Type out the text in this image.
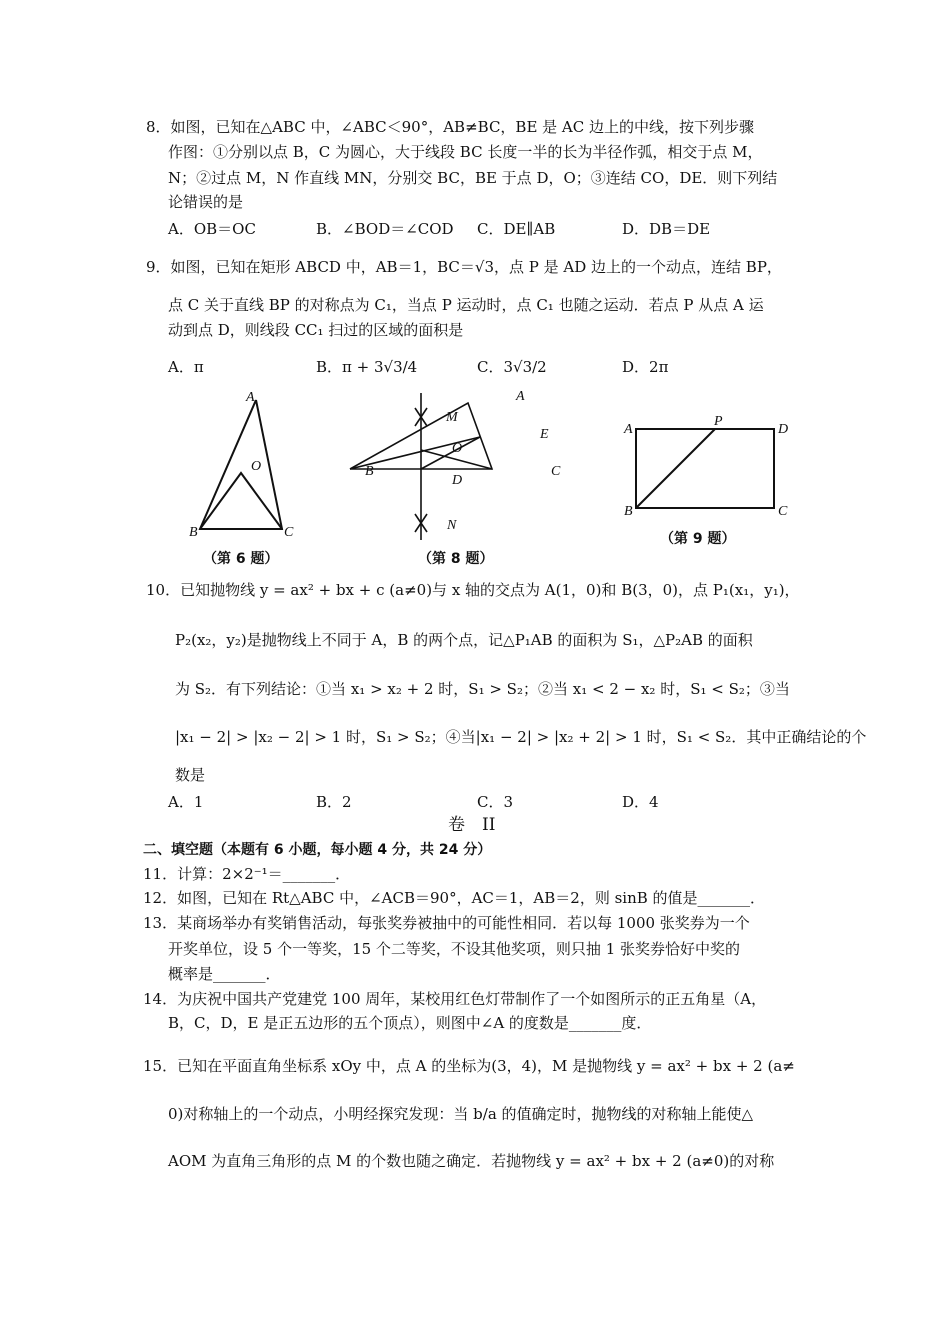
8．如图，已知在△ABC 中，∠ABC＜90°，AB≠BC，BE 是 AC 边上的中线，按下列步骤
作图：①分别以点 B，C 为圆心，大于线段 BC 长度一半的长为半径作弧，相交于点 M，
N；②过点 M，N 作直线 MN，分别交 BC，BE 于点 D，O；③连结 CO，DE．则下列结
论错误的是
A．OB＝OC	B．∠BOD＝∠COD C．DE∥AB	D．DB＝DE
9．如图，已知在矩形 ABCD 中，AB＝1，BC＝√3，点 P 是 AD 边上的一个动点，连结 BP，
点 C 关于直线 BP 的对称点为 C₁，当点 P 运动时，点 C₁ 也随之运动．若点 P 从点 A 运
动到点 D，则线段 CC₁ 扫过的区域的面积是
A．π	B．π + 3√3/4	C．3√3/2	D．2π
A
O
B	C
A
M
E
O
B
D
C
N
A
P
D
B	C
（第 6 题）	（第 8 题）
（第 9 题）
10．已知抛物线 y = ax² + bx + c (a≠0)与 x 轴的交点为 A(1，0)和 B(3，0)，点 P₁(x₁，y₁)，
P₂(x₂，y₂)是抛物线上不同于 A，B 的两个点，记△P₁AB 的面积为 S₁，△P₂AB 的面积
为 S₂．有下列结论：①当 x₁ > x₂ + 2 时，S₁ > S₂；②当 x₁ < 2 − x₂ 时，S₁ < S₂；③当
|x₁ − 2| > |x₂ − 2| > 1 时，S₁ > S₂；④当|x₁ − 2| > |x₂ + 2| > 1 时，S₁ < S₂．其中正确结论的个
数是
A．1	B．2	C．3	D．4
卷　II
二、填空题（本题有 6 小题，每小题 4 分，共 24 分）
11．计算：2×2⁻¹＝_______．
12．如图，已知在 Rt△ABC 中，∠ACB＝90°，AC＝1，AB＝2，则 sinB 的值是_______．
13．某商场举办有奖销售活动，每张奖券被抽中的可能性相同．若以每 1000 张奖券为一个
开奖单位，设 5 个一等奖，15 个二等奖，不设其他奖项，则只抽 1 张奖券恰好中奖的
概率是_______．
14．为庆祝中国共产党建党 100 周年，某校用红色灯带制作了一个如图所示的正五角星（A，
B，C，D，E 是正五边形的五个顶点），则图中∠A 的度数是_______度．
15．已知在平面直角坐标系 xOy 中，点 A 的坐标为(3，4)，M 是抛物线 y = ax² + bx + 2 (a≠
0)对称轴上的一个动点，小明经探究发现：当 b/a 的值确定时，抛物线的对称轴上能使△
AOM 为直角三角形的点 M 的个数也随之确定．若抛物线 y = ax² + bx + 2 (a≠0)的对称
